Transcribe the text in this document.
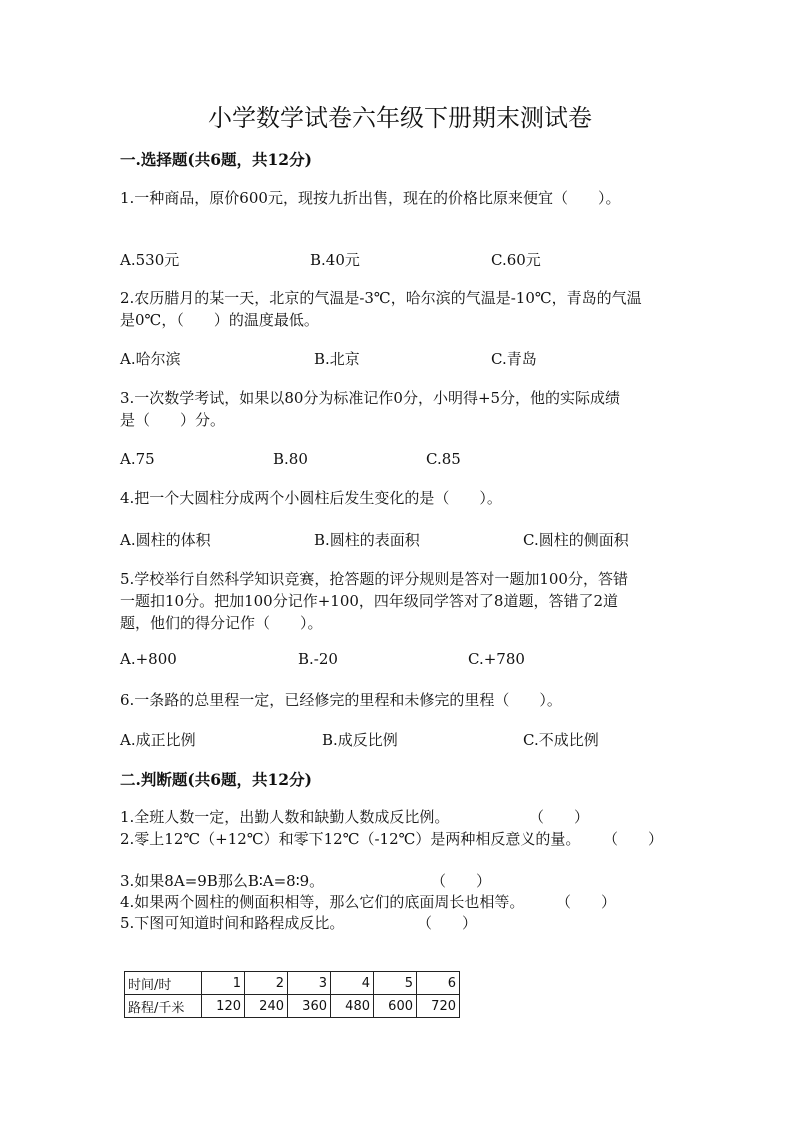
小学数学试卷六年级下册期末测试卷
一.选择题(共6题，共12分)
1.一种商品，原价600元，现按九折出售，现在的价格比原来便宜（　　）。
A.530元	B.40元	C.60元
2.农历腊月的某一天，北京的气温是-3℃，哈尔滨的气温是-10℃，青岛的气温
是0℃，（　　）的温度最低。
A.哈尔滨	B.北京	C.青岛
3.一次数学考试，如果以80分为标准记作0分，小明得+5分，他的实际成绩
是（　　）分。
A.75	B.80	C.85
4.把一个大圆柱分成两个小圆柱后发生变化的是（　　）。
A.圆柱的体积	B.圆柱的表面积	C.圆柱的侧面积
5.学校举行自然科学知识竞赛，抢答题的评分规则是答对一题加100分，答错
一题扣10分。把加100分记作+100，四年级同学答对了8道题，答错了2道
题，他们的得分记作（　　）。
A.+800	B.-20	C.+780
6.一条路的总里程一定，已经修完的里程和未修完的里程（　　）。
A.成正比例	B.成反比例	C.不成比例
二.判断题(共6题，共12分)
1.全班人数一定，出勤人数和缺勤人数成反比例。	（　　）
2.零上12℃（+12℃）和零下12℃（-12℃）是两种相反意义的量。 （　　）
3.如果8A=9B那么B∶A=8∶9。	（　　）
4.如果两个圆柱的侧面积相等，那么它们的底面周长也相等。 （　　）
5.下图可知道时间和路程成反比。	（　　）
时间/时	1	2	3	4	5	6
路程/千米	120	240	360	480	600	720
